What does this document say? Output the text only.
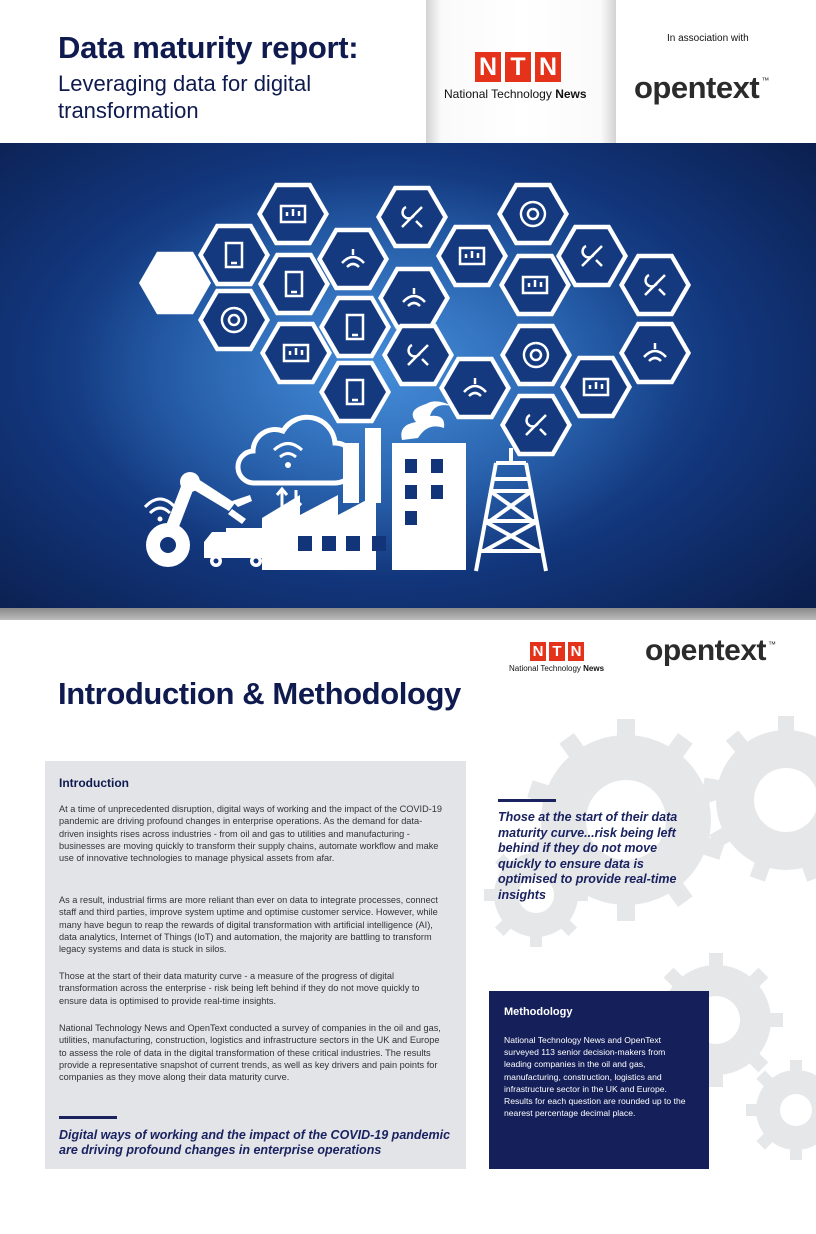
Data maturity report:
Leveraging data for digital transformation
N T N
National Technology News
In association with
opentext ™
N T N
National Technology News
opentext ™
Introduction & Methodology
Introduction

At a time of unprecedented disruption, digital ways of working and the impact of the COVID-19 pandemic are driving profound changes in enterprise operations. As the demand for data-driven insights rises across industries - from oil and gas to utilities and manufacturing - businesses are moving quickly to transform their supply chains, automate workflow and make use of innovative technologies to manage physical assets from afar.

As a result, industrial firms are more reliant than ever on data to integrate processes, connect staff and third parties, improve system uptime and optimise customer service. However, while many have begun to reap the rewards of digital transformation with artificial intelligence (AI), data analytics, Internet of Things (IoT) and automation, the majority are battling to transform legacy systems and data is stuck in silos.

Those at the start of their data maturity curve - a measure of the progress of digital transformation across the enterprise - risk being left behind if they do not move quickly to ensure data is optimised to provide real-time insights.

National Technology News and OpenText conducted a survey of companies in the oil and gas, utilities, manufacturing, construction, logistics and infrastructure sectors in the UK and Europe to assess the role of data in the digital transformation of these critical industries. The results provide a representative snapshot of current trends, as well as key drivers and pain points for companies as they move along their data maturity curve.

Digital ways of working and the impact of the COVID-19 pandemic are driving profound changes in enterprise operations
Those at the start of their data maturity curve...risk being left behind if they do not move quickly to ensure data is optimised to provide real-time insights
Methodology
National Technology News and OpenText surveyed 113 senior decision-makers from leading companies in the oil and gas, manufacturing, construction, logistics and infrastructure sector in the UK and Europe. Results for each question are rounded up to the nearest percentage decimal place.
